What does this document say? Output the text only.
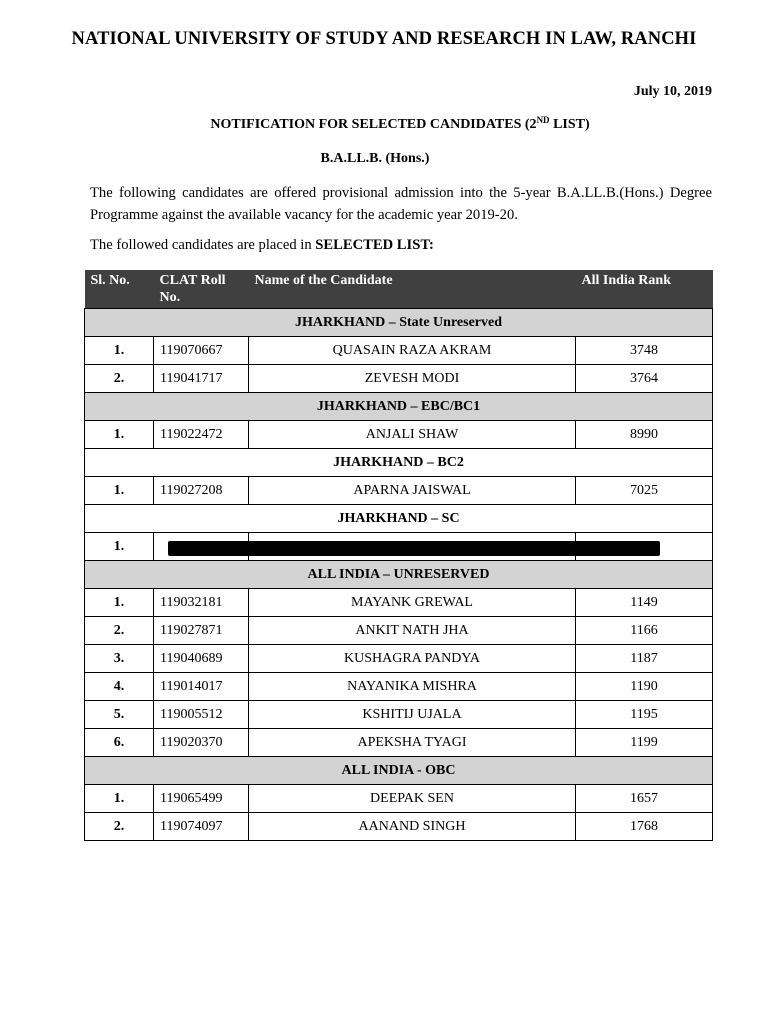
NATIONAL UNIVERSITY OF STUDY AND RESEARCH IN LAW, RANCHI
July 10, 2019
NOTIFICATION FOR SELECTED CANDIDATES (2ND LIST)
B.A.LL.B. (Hons.)
The following candidates are offered provisional admission into the 5-year B.A.LL.B.(Hons.) Degree Programme against the available vacancy for the academic year 2019-20.
The followed candidates are placed in SELECTED LIST:
Sl. No.	CLAT Roll No.	Name of the Candidate	All India Rank
JHARKHAND – State Unreserved			
1.	119070667	QUASAIN RAZA AKRAM	3748
2.	119041717	ZEVESH MODI	3764
JHARKHAND – EBC/BC1			
1.	119022472	ANJALI SHAW	8990
JHARKHAND – BC2			
1.	119027208	APARNA JAISWAL	7025
JHARKHAND – SC			
1.			
ALL INDIA – UNRESERVED			
1.	119032181	MAYANK GREWAL	1149
2.	119027871	ANKIT NATH JHA	1166
3.	119040689	KUSHAGRA PANDYA	1187
4.	119014017	NAYANIKA MISHRA	1190
5.	119005512	KSHITIJ UJALA	1195
6.	119020370	APEKSHA TYAGI	1199
ALL INDIA - OBC			
1.	119065499	DEEPAK SEN	1657
2.	119074097	AANAND SINGH	1768
